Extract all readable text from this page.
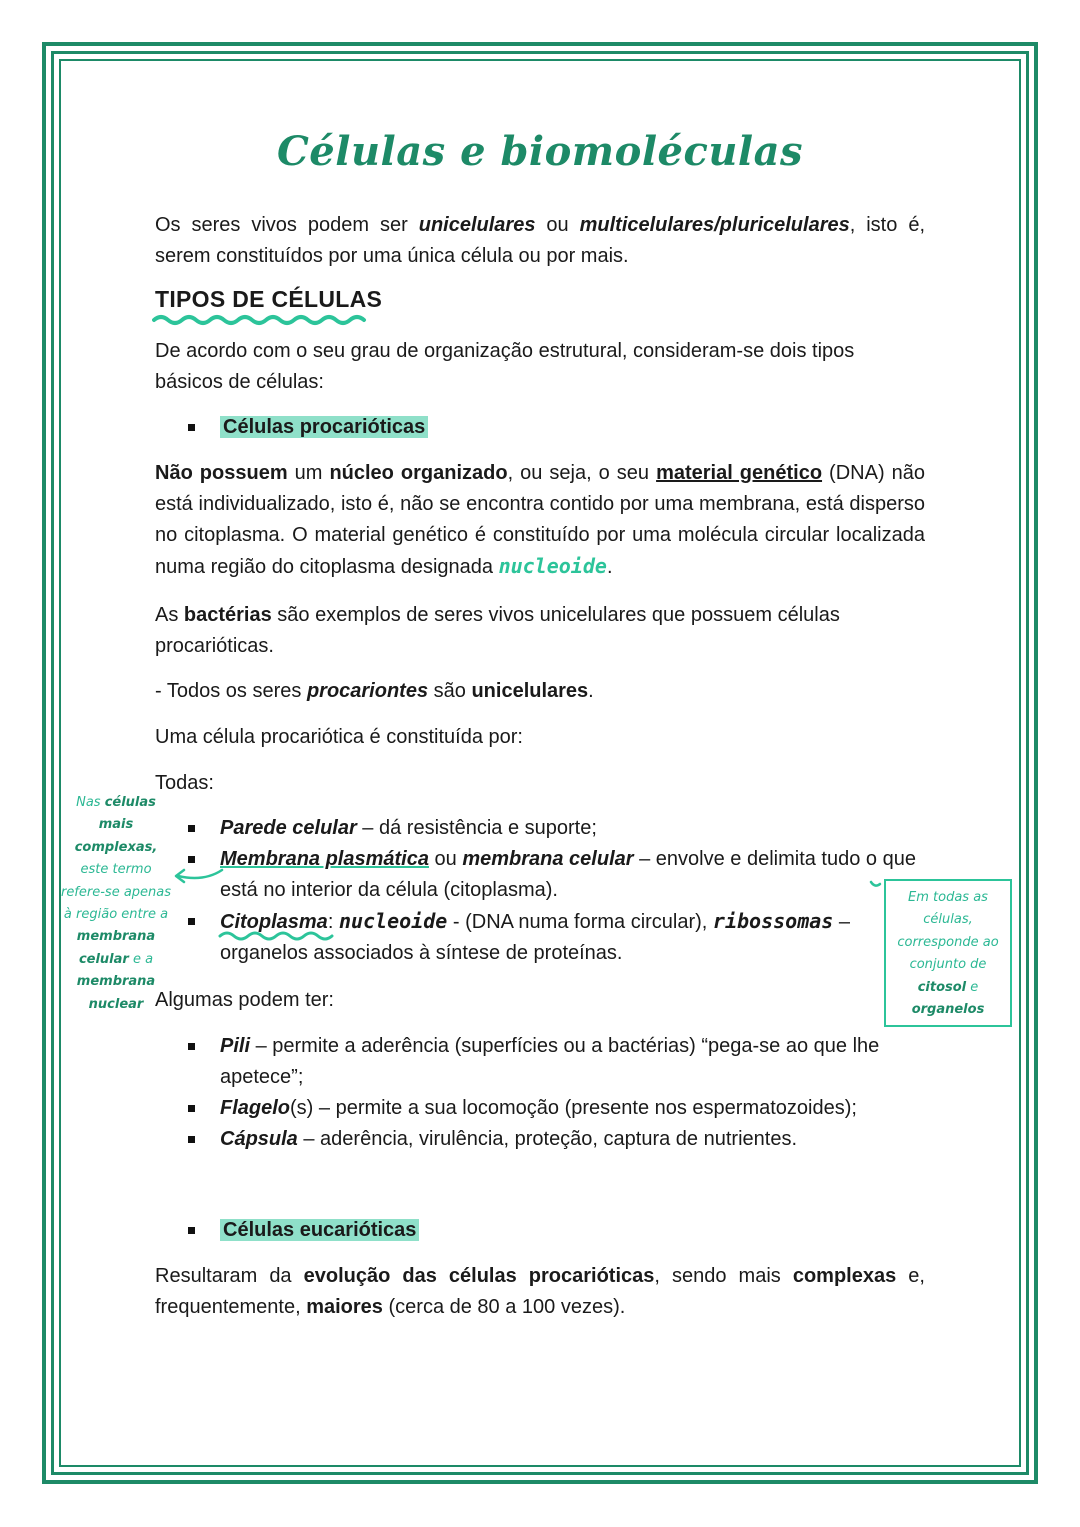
Células e biomoléculas

Os seres vivos podem ser unicelulares ou multicelulares/pluricelulares, isto é, serem constituídos por uma única célula ou por mais.

TIPOS DE CÉLULAS

De acordo com o seu grau de organização estrutural, consideram-se dois tipos básicos de células:

Células procarióticas

Não possuem um núcleo organizado, ou seja, o seu material genético (DNA) não está individualizado, isto é, não se encontra contido por uma membrana, está disperso no citoplasma. O material genético é constituído por uma molécula circular localizada numa região do citoplasma designada nucleoide.

As bactérias são exemplos de seres vivos unicelulares que possuem células procarióticas.

- Todos os seres procariontes são unicelulares.

Uma célula procariótica é constituída por:

Todas:

Parede celular – dá resistência e suporte;
Membrana plasmática ou membrana celular – envolve e delimita tudo o que está no interior da célula (citoplasma).
Citoplasma: nucleoide - (DNA numa forma circular), ribossomas – organelos associados à síntese de proteínas.

Algumas podem ter:

Pili – permite a aderência (superfícies ou a bactérias) “pega-se ao que lhe apetece”;
Flagelo(s) – permite a sua locomoção (presente nos espermatozoides);
Cápsula – aderência, virulência, proteção, captura de nutrientes.
Células eucarióticas

Resultaram da evolução das células procarióticas, sendo mais complexas e, frequentemente, maiores (cerca de 80 a 100 vezes).

Nas células
mais complexas,
este termo refere-se apenas à região entre a
membrana celular e a membrana nuclear
Em todas as células, corresponde ao conjunto de citosol e organelos
